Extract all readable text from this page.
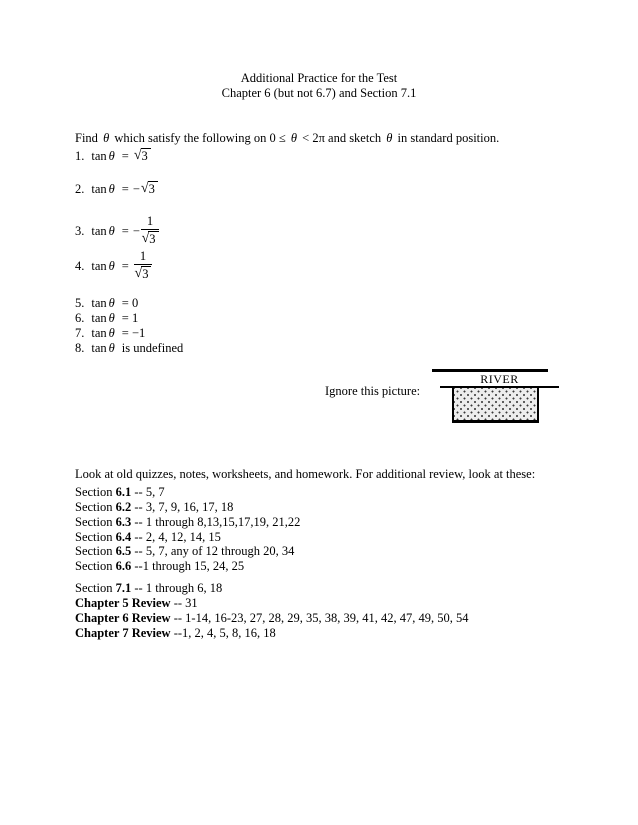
Additional Practice for the Test
Chapter 6 (but not 6.7) and Section 7.1

Find θ which satisfy the following on 0 ≤ θ < 2π and sketch θ in standard position.

1. tan θ = √ 3
2. tan θ = − √ 3
3. tan θ = − $\frac{1}{√ 3}$
4. $\tan \theta = \frac{1}{√ 3}$
5. tan θ = 0
6. tan θ = 1
7. tan θ = −1
8. tan θ is undefined
Ignore this picture:
RIVER

Look at old quizzes, notes, worksheets, and homework. For additional review, look at these:

Section 6.1 -- 5, 7
Section 6.2 -- 3, 7, 9, 16, 17, 18
Section 6.3 -- 1 through 8,13,15,17,19, 21,22
Section 6.4 -- 2, 4, 12, 14, 15
Section 6.5 -- 5, 7, any of 12 through 20, 34
Section 6.6 --1 through 15, 24, 25
Section 7.1 -- 1 through 6, 18
Chapter 5 Review -- 31
Chapter 6 Review -- 1-14, 16-23, 27, 28, 29, 35, 38, 39, 41, 42, 47, 49, 50, 54
Chapter 7 Review --1, 2, 4, 5, 8, 16, 18
